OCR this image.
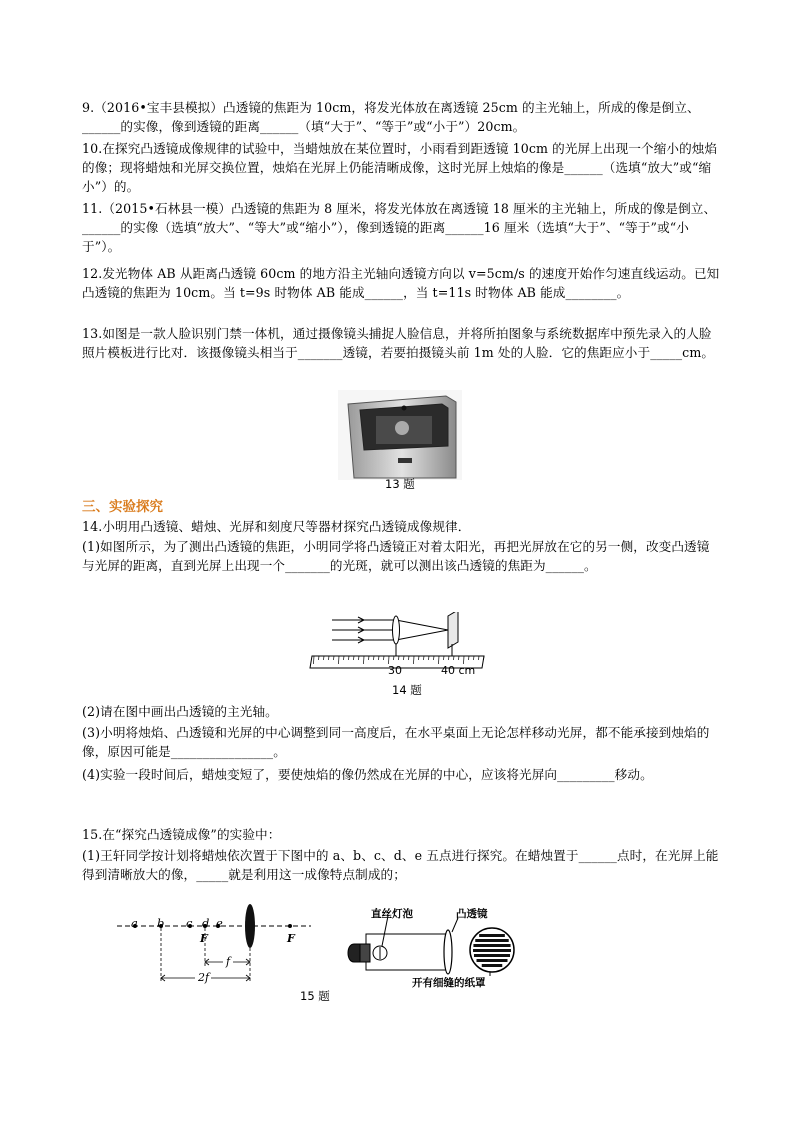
9.（2016•宝丰县模拟）凸透镜的焦距为 10cm，将发光体放在离透镜 25cm 的主光轴上，所成的像是倒立、 ______的实像，像到透镜的距离______（填“大于”、“等于”或“小于”）20cm。
10.在探究凸透镜成像规律的试验中，当蜡烛放在某位置时，小雨看到距透镜 10cm 的光屏上出现一个缩小的烛焰的像；现将蜡烛和光屏交换位置，烛焰在光屏上仍能清晰成像，这时光屏上烛焰的像是______（选填“放大”或“缩小”）的。
11.（2015•石林县一模）凸透镜的焦距为 8 厘米，将发光体放在离透镜 18 厘米的主光轴上，所成的像是倒立、______的实像（选填“放大”、“等大”或“缩小”），像到透镜的距离______16 厘米（选填“大于”、“等于”或“小于”）。
12.发光物体 AB 从距离凸透镜 60cm 的地方沿主光轴向透镜方向以 v=5cm/s 的速度开始作匀速直线运动。已知凸透镜的焦距为 10cm。当 t=9s 时物体 AB 能成______，当 t=11s 时物体 AB 能成________。
13.如图是一款人脸识别门禁一体机，通过摄像镜头捕捉人脸信息，并将所拍图象与系统数据库中预先录入的人脸照片模板进行比对．该摄像镜头相当于_______透镜，若要拍摄镜头前 1m 处的人脸．它的焦距应小于_____cm。
13 题
三、实验探究
14.小明用凸透镜、蜡烛、光屏和刻度尺等器材探究凸透镜成像规律．
(1)如图所示，为了测出凸透镜的焦距，小明同学将凸透镜正对着太阳光，再把光屏放在它的另一侧，改变凸透镜与光屏的距离，直到光屏上出现一个_______的光斑，就可以测出该凸透镜的焦距为______。
30	40 cm
14 题
(2)请在图中画出凸透镜的主光轴。
(3)小明将烛焰、凸透镜和光屏的中心调整到同一高度后，在水平桌面上无论怎样移动光屏，都不能承接到烛焰的像，原因可能是________________。
(4)实验一段时间后，蜡烛变短了，要使烛焰的像仍然成在光屏的中心，应该将光屏向_________移动。
15.在“探究凸透镜成像”的实验中：
(1)王轩同学按计划将蜡烛依次置于下图中的 a、b、c、d、e 五点进行探究。在蜡烛置于______点时，在光屏上能得到清晰放大的像，_____就是利用这一成像特点制成的；
a b c d e
F	F
f
2f
直丝灯泡	凸透镜
开有细缝的纸罩
15 题
